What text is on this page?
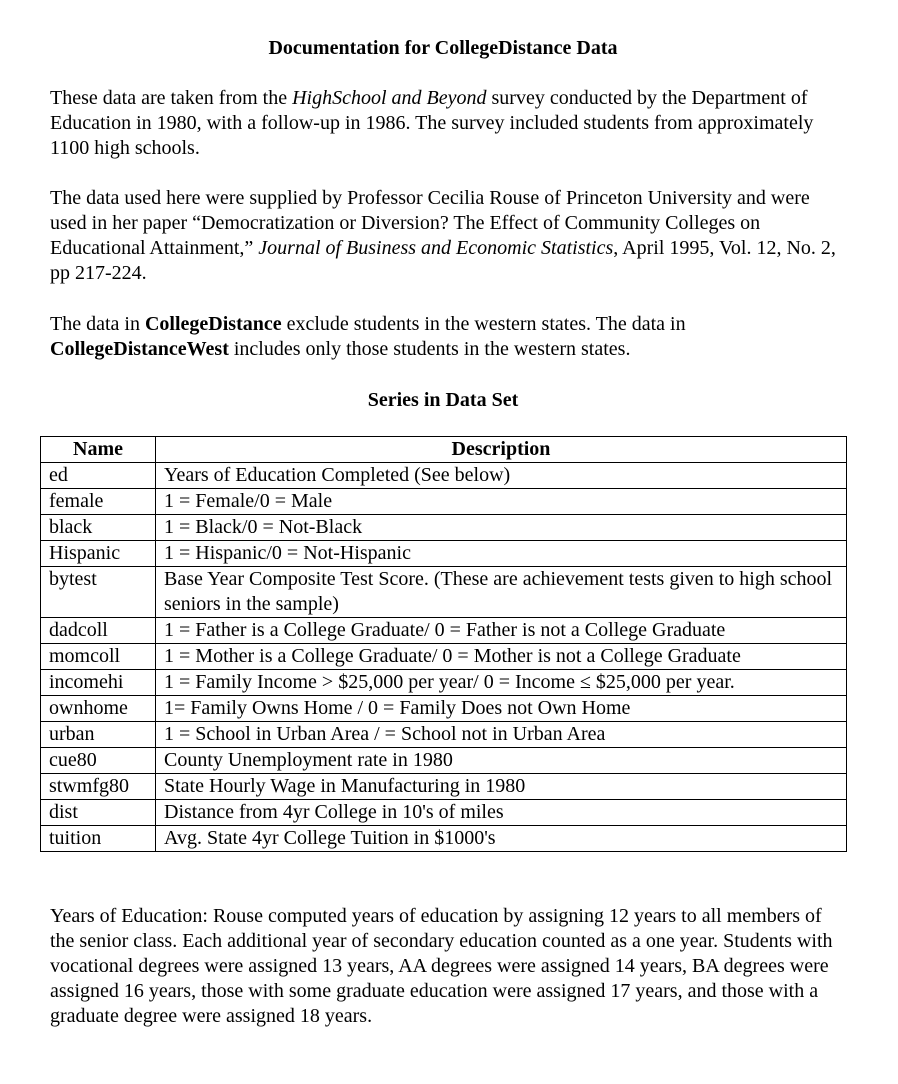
Documentation for CollegeDistance Data
These data are taken from the HighSchool and Beyond survey conducted by the Department of Education in 1980, with a follow-up in 1986. The survey included students from approximately 1100 high schools.
The data used here were supplied by Professor Cecilia Rouse of Princeton University and were used in her paper “Democratization or Diversion? The Effect of Community Colleges on Educational Attainment,” Journal of Business and Economic Statistics, April 1995, Vol. 12, No. 2, pp 217-224.
The data in CollegeDistance exclude students in the western states. The data in CollegeDistanceWest includes only those students in the western states.
Series in Data Set
Name	Description
ed	Years of Education Completed (See below)
female	1 = Female/0 = Male
black	1 = Black/0 = Not-Black
Hispanic	1 = Hispanic/0 = Not-Hispanic
bytest	Base Year Composite Test Score. (These are achievement tests given to high school seniors in the sample)
dadcoll	1 = Father is a College Graduate/ 0 = Father is not a College Graduate
momcoll	1 = Mother is a College Graduate/ 0 = Mother is not a College Graduate
incomehi	1 = Family Income > $25,000 per year/ 0 = Income ≤ $25,000 per year.
ownhome	1= Family Owns Home / 0 = Family Does not Own Home
urban	1 = School in Urban Area / = School not in Urban Area
cue80	County Unemployment rate in 1980
stwmfg80	State Hourly Wage in Manufacturing in 1980
dist	Distance from 4yr College in 10's of miles
tuition	Avg. State 4yr College Tuition in $1000's
Years of Education: Rouse computed years of education by assigning 12 years to all members of the senior class. Each additional year of secondary education counted as a one year. Students with vocational degrees were assigned 13 years, AA degrees were assigned 14 years, BA degrees were assigned 16 years, those with some graduate education were assigned 17 years, and those with a graduate degree were assigned 18 years.
